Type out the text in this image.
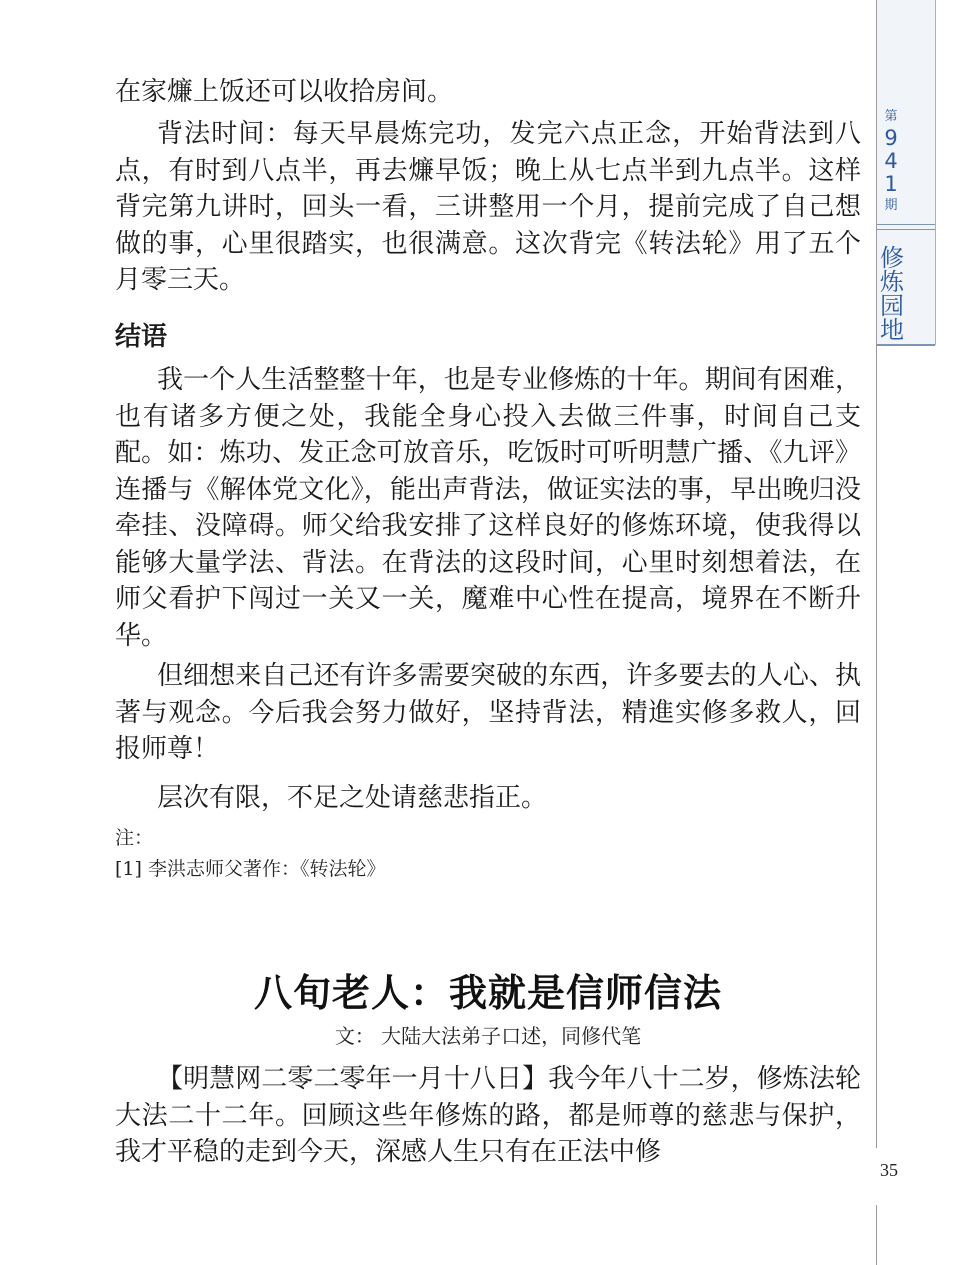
第
9
4
1
期
修
炼
园
地
35

在家燫上饭还可以收拾房间。

背法时间：每天早晨炼完功，发完六点正念，开始背法到八点，有时到八点半，再去燫早饭；晚上从七点半到九点半。这样背完第九讲时，回头一看，三讲整用一个月，提前完成了自己想做的事，心里很踏实，也很满意。这次背完《转法轮》用了五个月零三天。

结语

我一个人生活整整十年，也是专业修炼的十年。期间有困难，也有诸多方便之处，我能全身心投入去做三件事，时间自己支配。如：炼功、发正念可放音乐，吃饭时可听明慧广播、《九评》连播与《解体党文化》，能出声背法，做证实法的事，早出晚归没牵挂、没障碍。师父给我安排了这样良好的修炼环境，使我得以能够大量学法、背法。在背法的这段时间，心里时刻想着法，在师父看护下闯过一关又一关，魔难中心性在提高，境界在不断升华。

但细想来自己还有许多需要突破的东西，许多要去的人心、执著与观念。今后我会努力做好，坚持背法，精進实修多救人，回报师尊！

层次有限，不足之处请慈悲指正。

注：

[1] 李洪志师父著作：《转法轮》

八旬老人：我就是信师信法

文： 大陆大法弟子口述，同修代笔

【明慧网二零二零年一月十八日】我今年八十二岁，修炼法轮大法二十二年。回顾这些年修炼的路，都是师尊的慈悲与保护，我才平稳的走到今天，深感人生只有在正法中修
